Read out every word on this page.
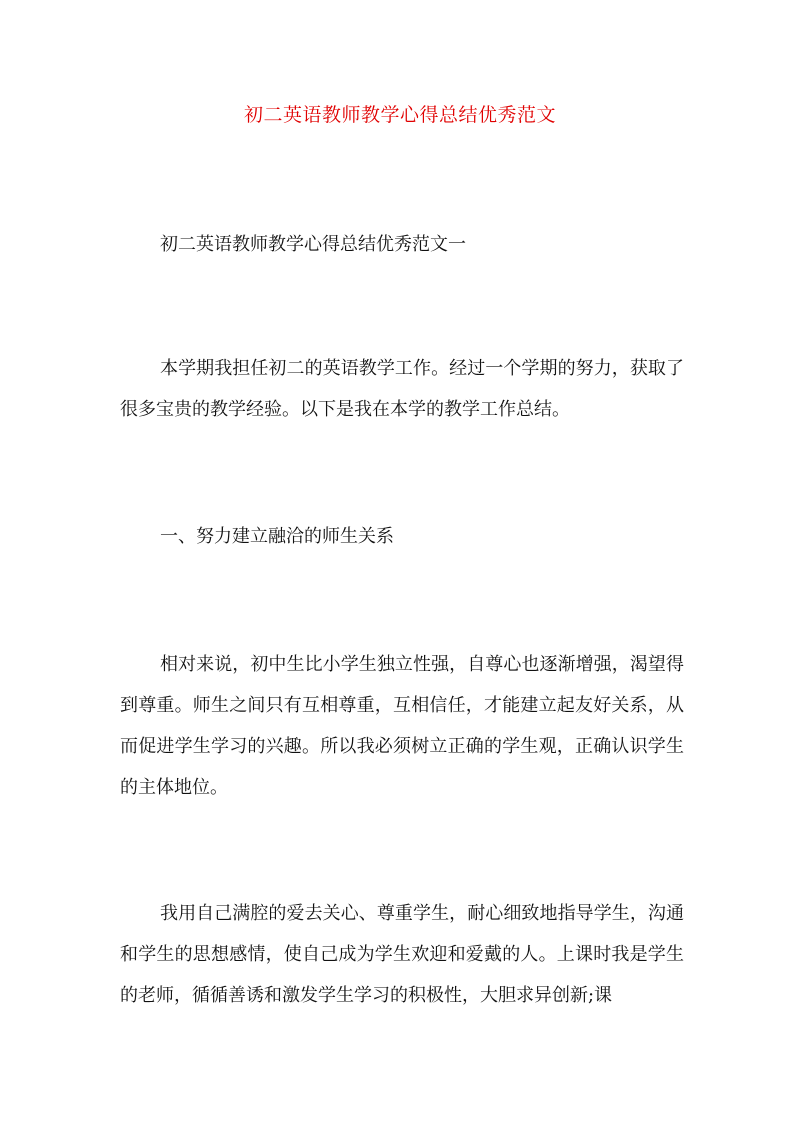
初二英语教师教学心得总结优秀范文
初二英语教师教学心得总结优秀范文一
本学期我担任初二的英语教学工作。经过一个学期的努力，获取了很多宝贵的教学经验。以下是我在本学的教学工作总结。
一、努力建立融洽的师生关系
相对来说，初中生比小学生独立性强，自尊心也逐渐增强，渴望得到尊重。师生之间只有互相尊重，互相信任，才能建立起友好关系，从而促进学生学习的兴趣。所以我必须树立正确的学生观，正确认识学生的主体地位。
我用自己满腔的爱去关心、尊重学生，耐心细致地指导学生，沟通和学生的思想感情，使自己成为学生欢迎和爱戴的人。上课时我是学生的老师，循循善诱和激发学生学习的积极性，大胆求异创新;课
